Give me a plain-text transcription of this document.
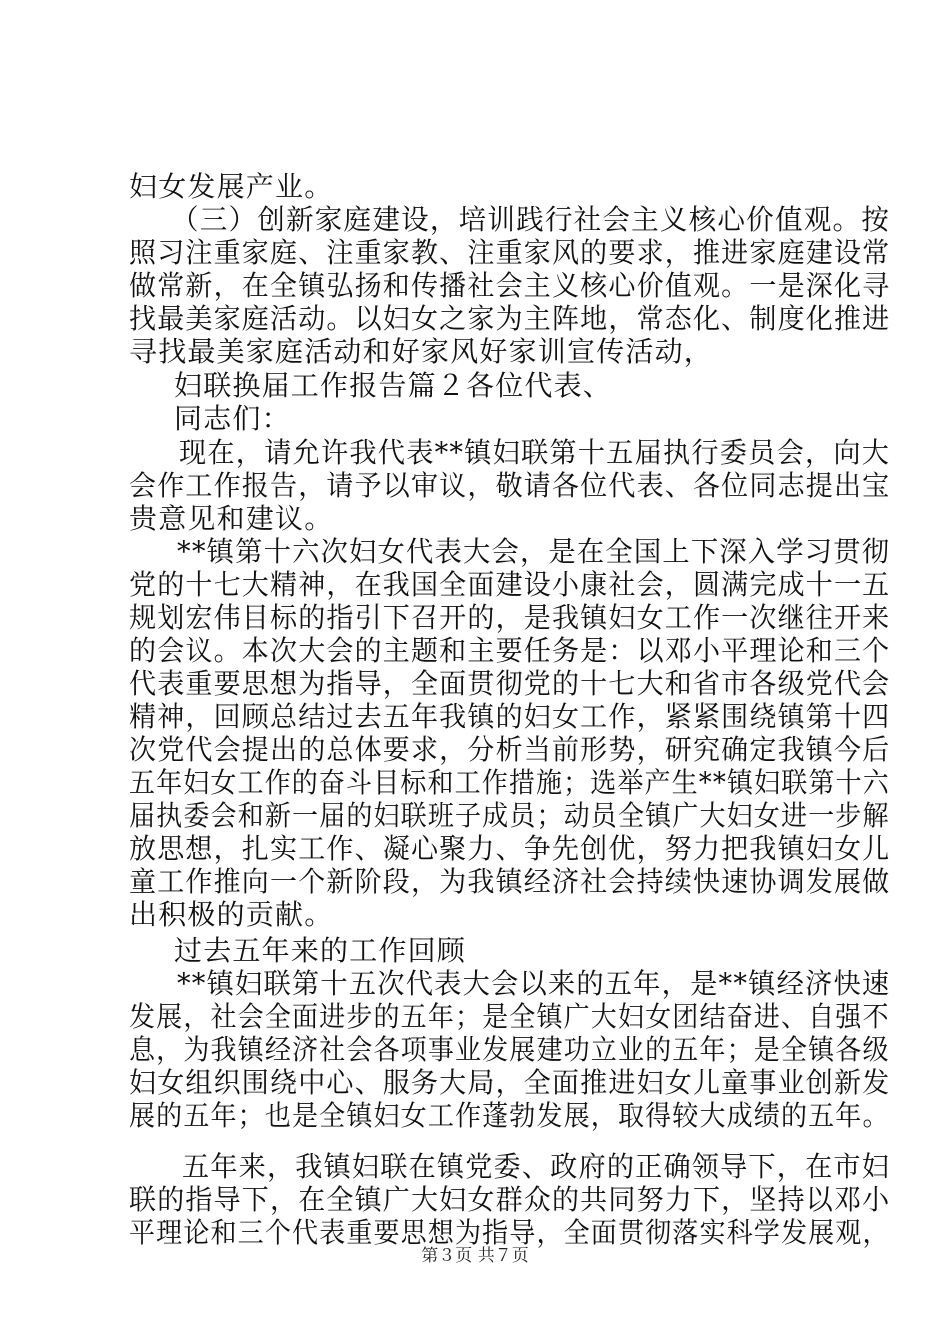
妇女发展产业。
（三）创新家庭建设，培训践行社会主义核心价值观。按
照习注重家庭、注重家教、注重家风的要求，推进家庭建设常
做常新，在全镇弘扬和传播社会主义核心价值观。一是深化寻
找最美家庭活动。以妇女之家为主阵地，常态化、制度化推进
寻找最美家庭活动和好家风好家训宣传活动，
妇联换届工作报告篇２各位代表、
同志们：
现在，请允许我代表**镇妇联第十五届执行委员会，向大
会作工作报告，请予以审议，敬请各位代表、各位同志提出宝
贵意见和建议。
**镇第十六次妇女代表大会，是在全国上下深入学习贯彻
党的十七大精神，在我国全面建设小康社会，圆满完成十一五
规划宏伟目标的指引下召开的，是我镇妇女工作一次继往开来
的会议。本次大会的主题和主要任务是：以邓小平理论和三个
代表重要思想为指导，全面贯彻党的十七大和省市各级党代会
精神，回顾总结过去五年我镇的妇女工作，紧紧围绕镇第十四
次党代会提出的总体要求，分析当前形势，研究确定我镇今后
五年妇女工作的奋斗目标和工作措施；选举产生**镇妇联第十六
届执委会和新一届的妇联班子成员；动员全镇广大妇女进一步解
放思想，扎实工作、凝心聚力、争先创优，努力把我镇妇女儿
童工作推向一个新阶段，为我镇经济社会持续快速协调发展做
出积极的贡献。
过去五年来的工作回顾
**镇妇联第十五次代表大会以来的五年，是**镇经济快速
发展，社会全面进步的五年；是全镇广大妇女团结奋进、自强不
息，为我镇经济社会各项事业发展建功立业的五年；是全镇各级
妇女组织围绕中心、服务大局，全面推进妇女儿童事业创新发
展的五年；也是全镇妇女工作蓬勃发展，取得较大成绩的五年。
五年来，我镇妇联在镇党委、政府的正确领导下，在市妇
联的指导下，在全镇广大妇女群众的共同努力下，坚持以邓小
平理论和三个代表重要思想为指导，全面贯彻落实科学发展观，
第３页 共７页
